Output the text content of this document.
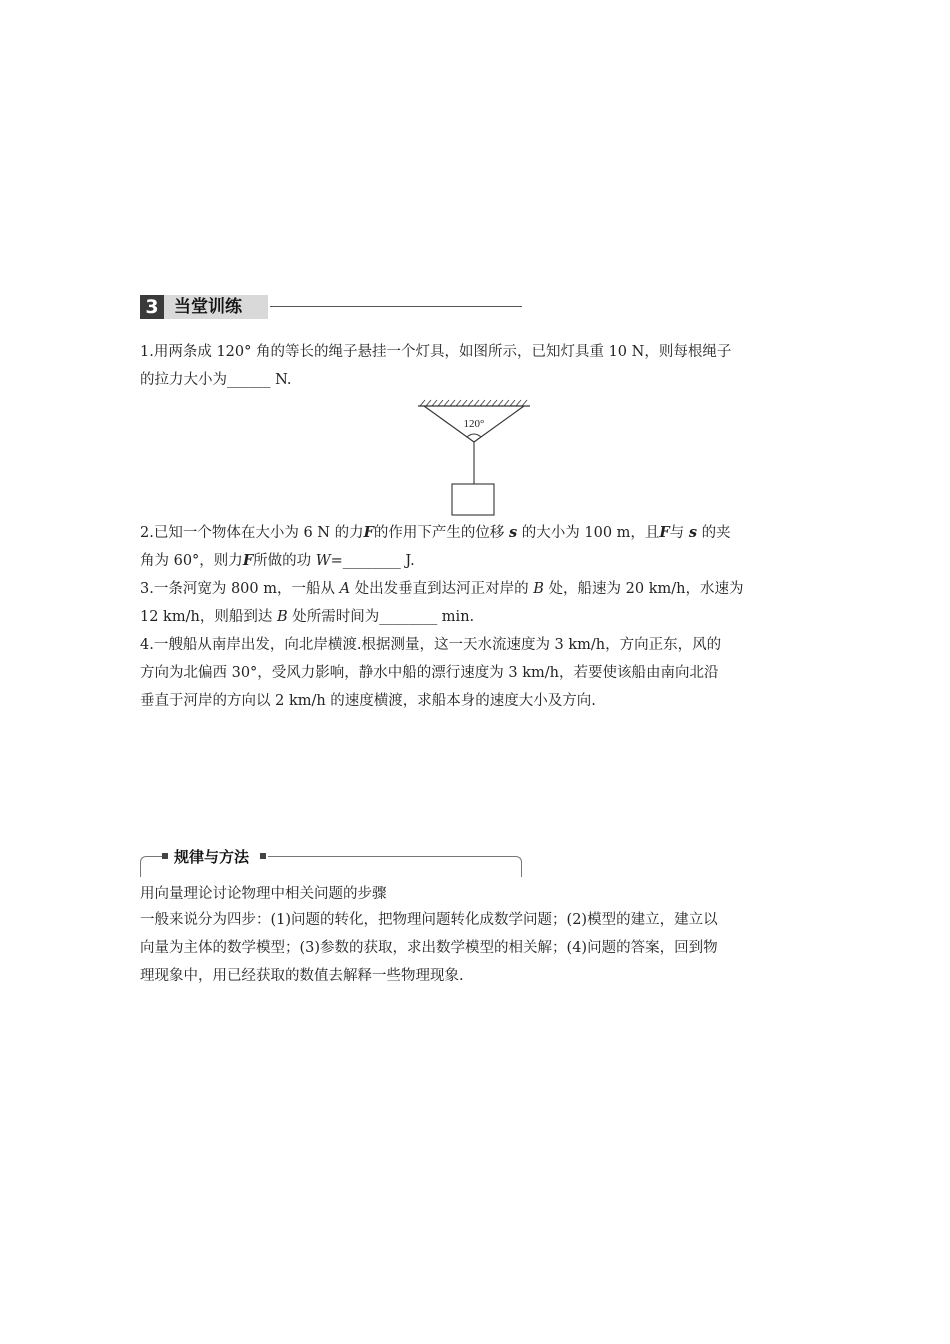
3 当堂训练
1.用两条成 120° 角的等长的绳子悬挂一个灯具，如图所示，已知灯具重 10 N，则每根绳子
的拉力大小为______ N.
120°
2.已知一个物体在大小为 6 N 的力F的作用下产生的位移 s 的大小为 100 m，且F与 s 的夹
角为 60°，则力F所做的功 W=________ J.
3.一条河宽为 800 m，一船从 A 处出发垂直到达河正对岸的 B 处，船速为 20 km/h，水速为
12 km/h，则船到达 B 处所需时间为________ min.
4.一艘船从南岸出发，向北岸横渡.根据测量，这一天水流速度为 3 km/h，方向正东，风的
方向为北偏西 30°，受风力影响，静水中船的漂行速度为 3 km/h，若要使该船由南向北沿
垂直于河岸的方向以 2 km/h 的速度横渡，求船本身的速度大小及方向.
规律与方法
用向量理论讨论物理中相关问题的步骤
一般来说分为四步：(1)问题的转化，把物理问题转化成数学问题；(2)模型的建立，建立以
向量为主体的数学模型；(3)参数的获取，求出数学模型的相关解；(4)问题的答案，回到物
理现象中，用已经获取的数值去解释一些物理现象.
